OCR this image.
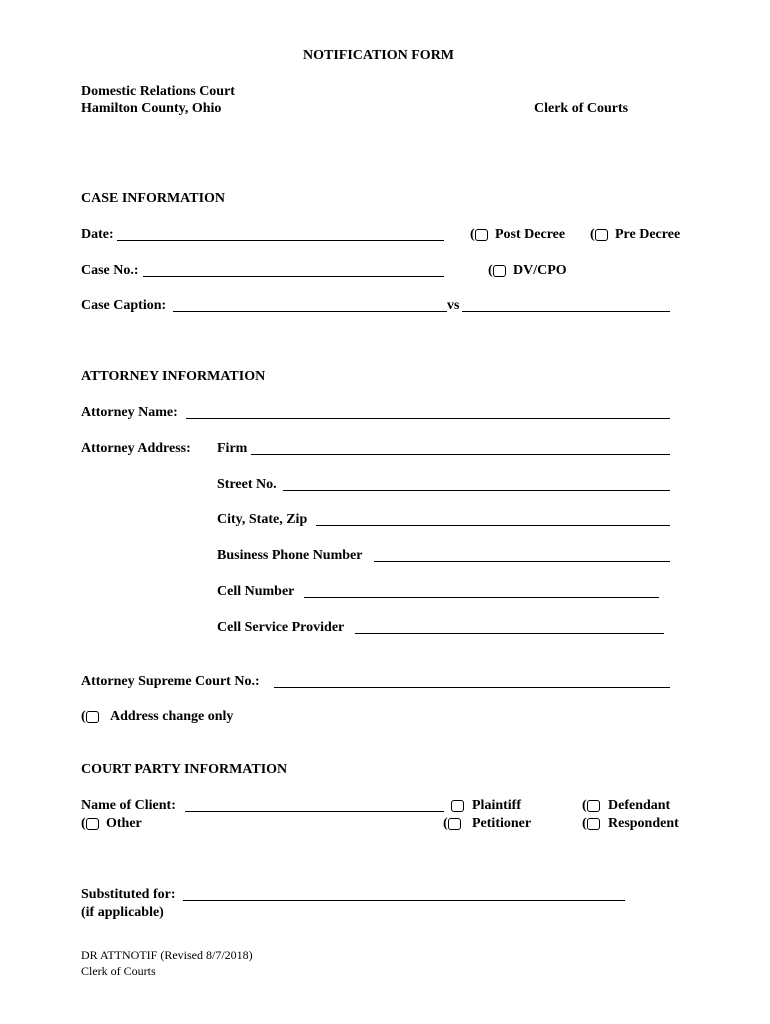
NOTIFICATION FORM
Domestic Relations Court
Hamilton County, Ohio	Clerk of Courts
CASE INFORMATION
Date:	( Post Decree ( Pre Decree
Case No.:	( DV/CPO
Case Caption:	vs
ATTORNEY INFORMATION
Attorney Name:
Attorney Address: Firm
Street No.
City, State, Zip
Business Phone Number
Cell Number
Cell Service Provider
Attorney Supreme Court No.:
( Address change only
COURT PARTY INFORMATION
Name of Client:	Plaintiff	( Defendant
( Other	( Petitioner	( Respondent
Substituted for:
(if applicable)
DR ATTNOTIF (Revised 8/7/2018)
Clerk of Courts
